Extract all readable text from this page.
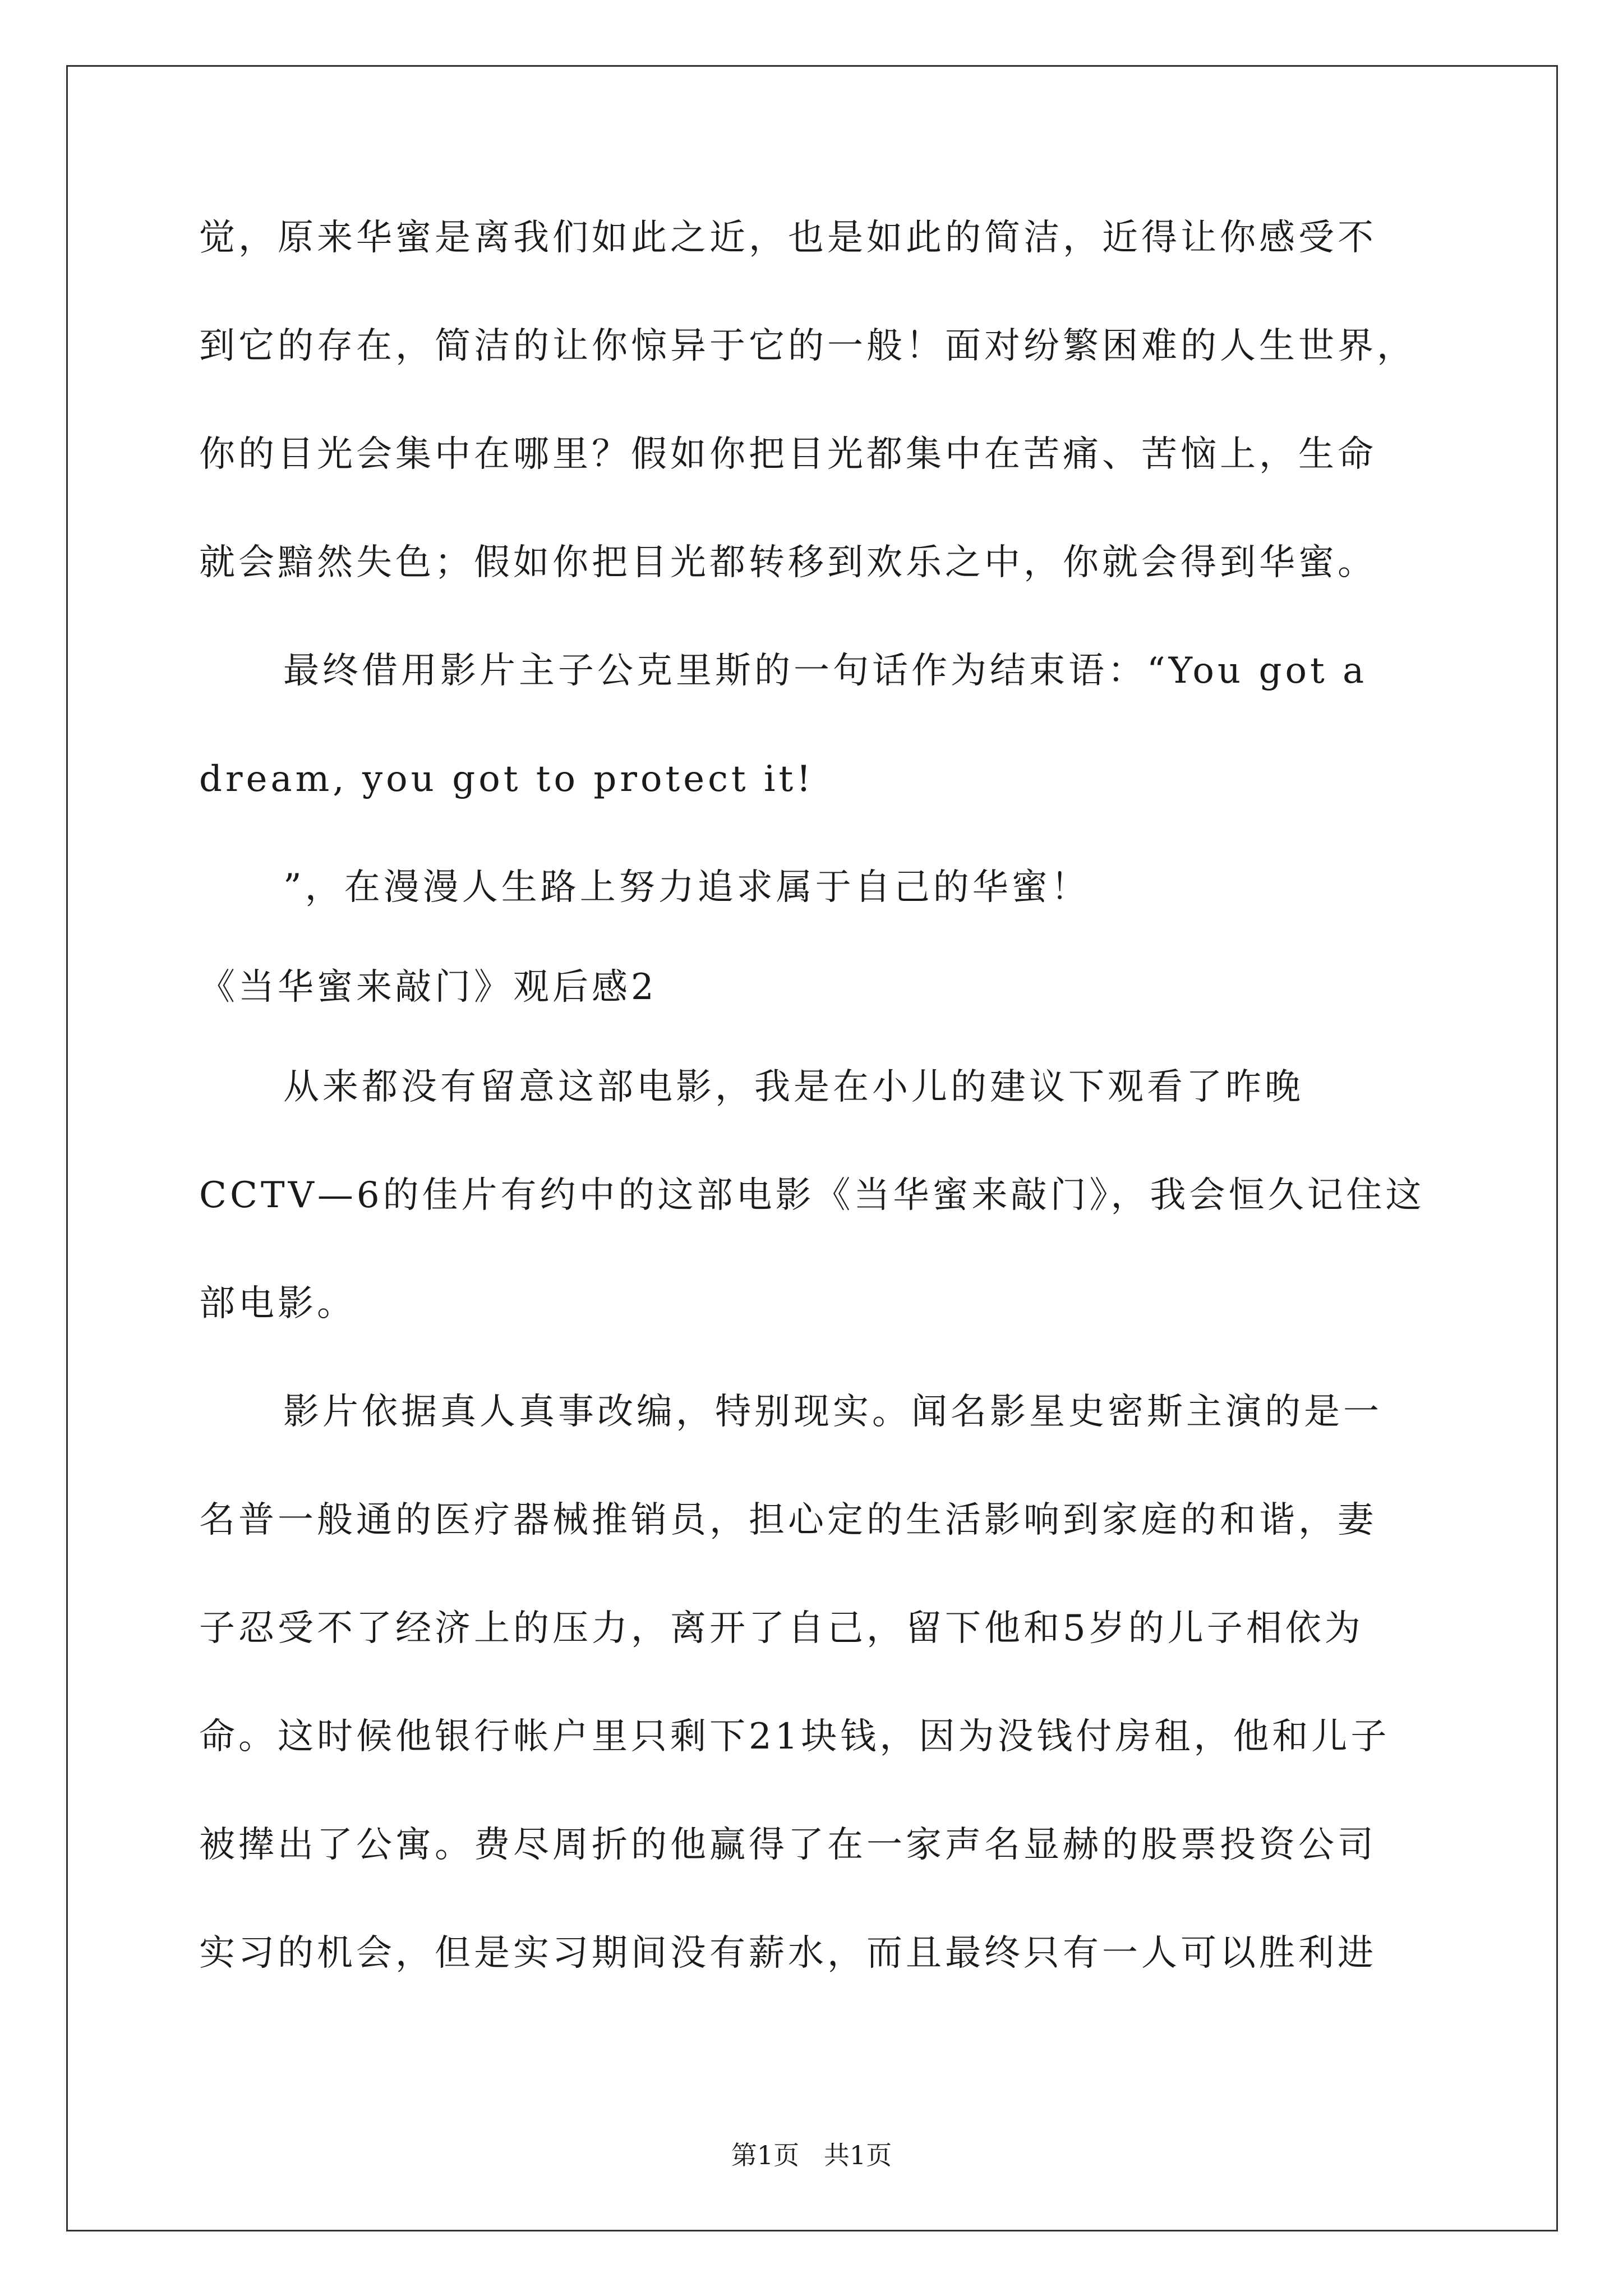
觉，原来华蜜是离我们如此之近，也是如此的简洁，近得让你感受不
到它的存在，简洁的让你惊异于它的一般！面对纷繁困难的人生世界，
你的目光会集中在哪里？假如你把目光都集中在苦痛、苦恼上，生命
就会黯然失色；假如你把目光都转移到欢乐之中，你就会得到华蜜。
最终借用影片主子公克里斯的一句话作为结束语：“You got a
dream, you got to protect it!
”，在漫漫人生路上努力追求属于自己的华蜜！
《当华蜜来敲门》观后感2
从来都没有留意这部电影，我是在小儿的建议下观看了昨晚
CCTV—6的佳片有约中的这部电影《当华蜜来敲门》，我会恒久记住这
部电影。
影片依据真人真事改编，特别现实。闻名影星史密斯主演的是一
名普一般通的医疗器械推销员，担心定的生活影响到家庭的和谐，妻
子忍受不了经济上的压力，离开了自己，留下他和5岁的儿子相依为
命。这时候他银行帐户里只剩下21块钱，因为没钱付房租，他和儿子
被撵出了公寓。费尽周折的他赢得了在一家声名显赫的股票投资公司
实习的机会，但是实习期间没有薪水，而且最终只有一人可以胜利进
第1页   共1页
